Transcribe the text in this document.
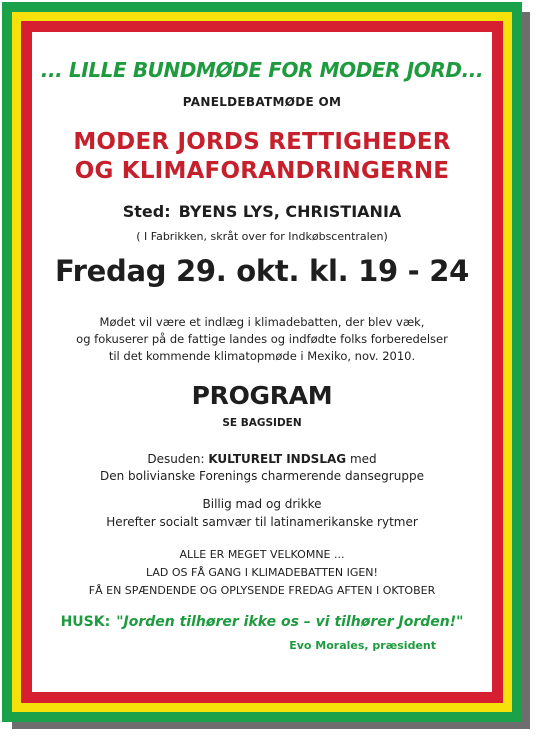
... LILLE BUNDMØDE FOR MODER JORD...
PANELDEBATMØDE OM
MODER JORDS RETTIGHEDER
OG KLIMAFORANDRINGERNE
Sted: BYENS LYS, CHRISTIANIA
( I Fabrikken, skråt over for Indkøbscentralen)
Fredag 29. okt. kl. 19 - 24
Mødet vil være et indlæg i klimadebatten, der blev væk,
og fokuserer på de fattige landes og indfødte folks forberedelser
til det kommende klimatopmøde i Mexiko, nov. 2010.
PROGRAM
SE BAGSIDEN
Desuden: KULTURELT INDSLAG med
Den bolivianske Forenings charmerende dansegruppe
Billig mad og drikke
Herefter socialt samvær til latinamerikanske rytmer
ALLE ER MEGET VELKOMNE ...
LAD OS FÅ GANG I KLIMADEBATTEN IGEN!
FÅ EN SPÆNDENDE OG OPLYSENDE FREDAG AFTEN I OKTOBER
HUSK: "Jorden tilhører ikke os – vi tilhører Jorden!"
Evo Morales, præsident
